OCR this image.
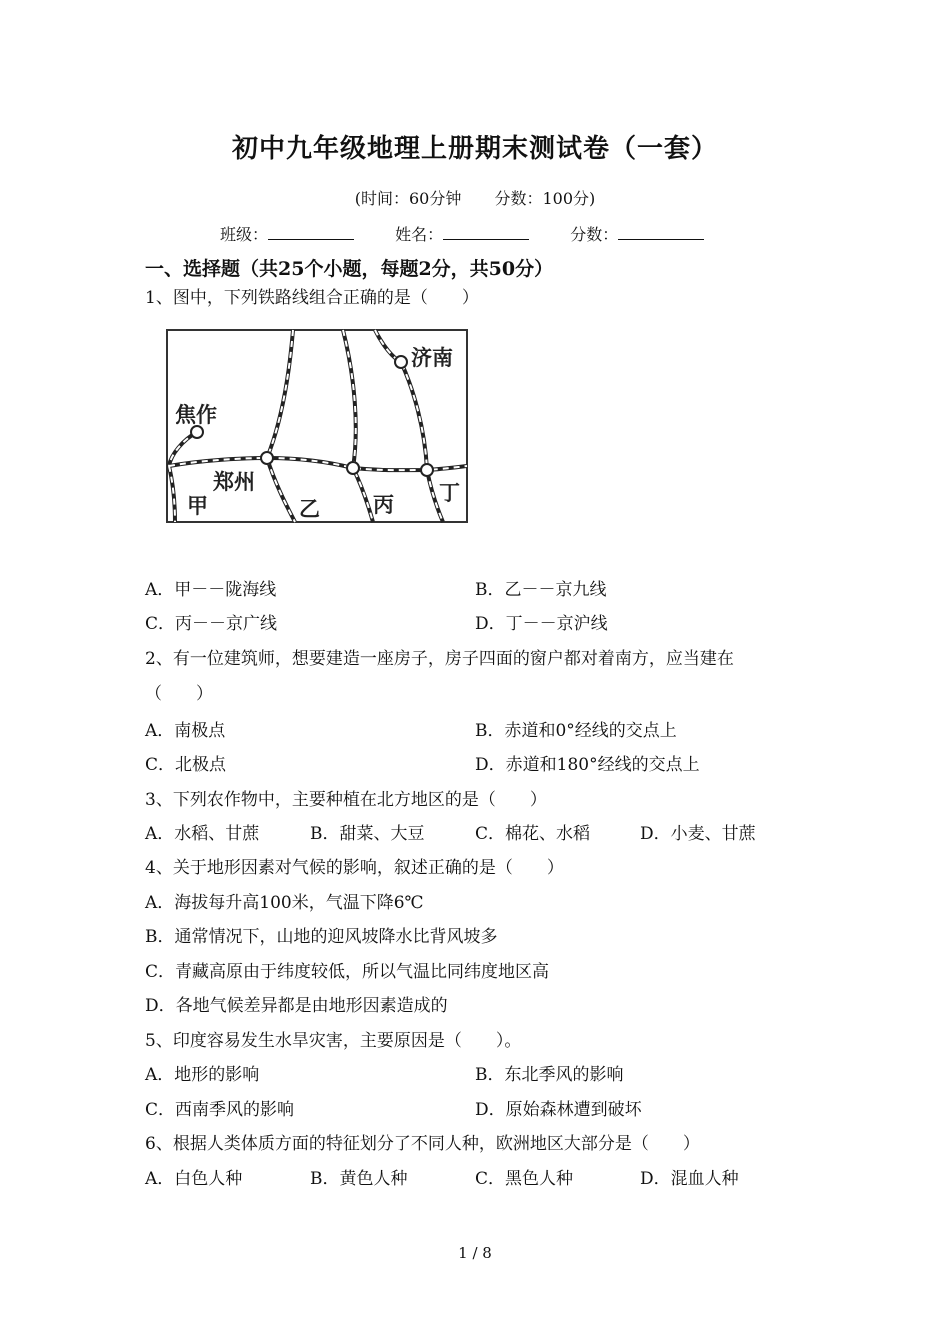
初中九年级地理上册期末测试卷（一套）
(时间：60分钟 分数：100分)
班级：	姓名：	分数：
一、选择题（共25个小题，每题2分，共50分）
1、图中，下列铁路线组合正确的是（　　）
济南
焦作
郑州
甲	乙	丙 丁
A．甲－－陇海线	B．乙－－京九线
C．丙－－京广线	D．丁－－京沪线
2、有一位建筑师，想要建造一座房子，房子四面的窗户都对着南方，应当建在
（　　）
A．南极点	B．赤道和0°经线的交点上
C．北极点	D．赤道和180°经线的交点上
3、下列农作物中，主要种植在北方地区的是（　　）
A．水稻、甘蔗	B．甜菜、大豆	C．棉花、水稻	D．小麦、甘蔗
4、关于地形因素对气候的影响，叙述正确的是（　　）
A．海拔每升高100米，气温下降6℃
B．通常情况下，山地的迎风坡降水比背风坡多
C．青藏高原由于纬度较低，所以气温比同纬度地区高
D．各地气候差异都是由地形因素造成的
5、印度容易发生水旱灾害，主要原因是（　　）。
A．地形的影响	B．东北季风的影响
C．西南季风的影响	D．原始森林遭到破坏
6、根据人类体质方面的特征划分了不同人种，欧洲地区大部分是（　　）
A．白色人种	B．黄色人种	C．黑色人种	D．混血人种
1 / 8
